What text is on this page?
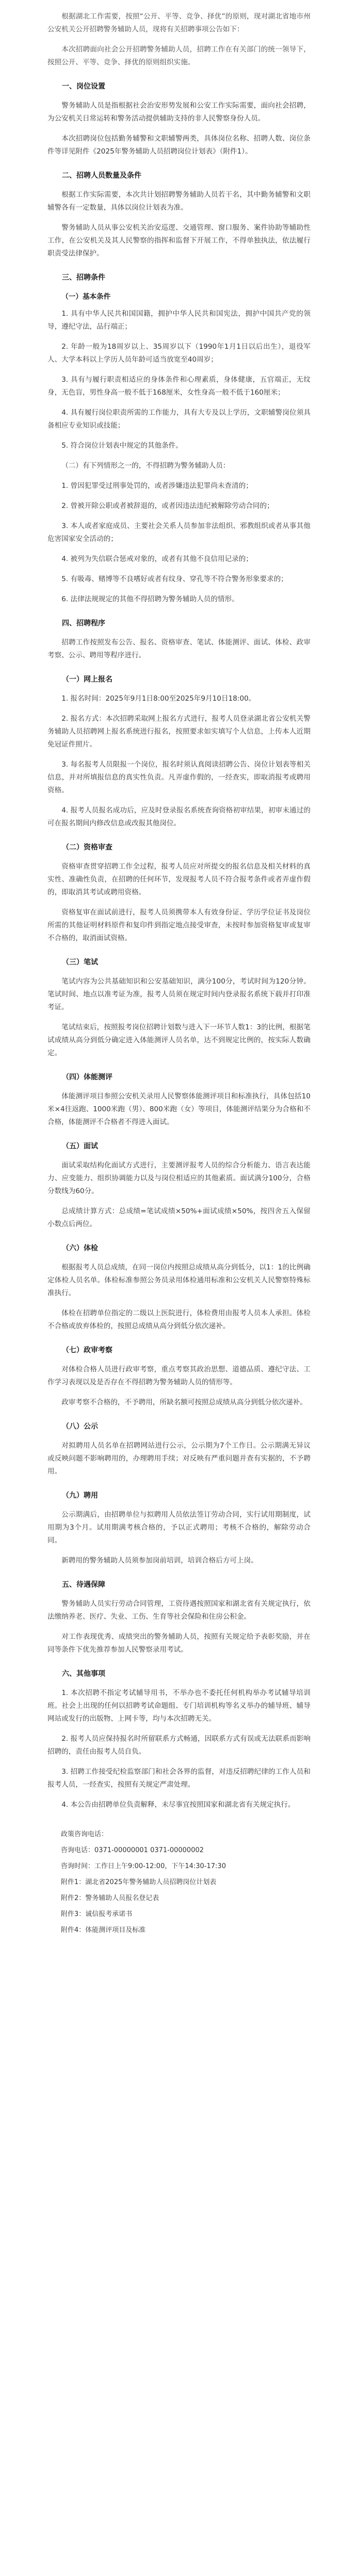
根据湖北工作需要，按照“公开、平等、竞争、择优”的原则，现对湖北省地市州公安机关公开招聘警务辅助人员，现将有关招聘事项公告如下：

本次招聘面向社会公开招聘警务辅助人员，招聘工作在有关部门的统一领导下，按照公开、平等、竞争、择优的原则组织实施。

一、岗位设置

警务辅助人员是指根据社会治安形势发展和公安工作实际需要，面向社会招聘，为公安机关日常运转和警务活动提供辅助支持的非人民警察身份人员。

本次招聘岗位包括勤务辅警和文职辅警两类，具体岗位名称、招聘人数、岗位条件等详见附件《2025年警务辅助人员招聘岗位计划表》（附件1）。

二、招聘人员数量及条件

根据工作实际需要，本次共计划招聘警务辅助人员若干名，其中勤务辅警和文职辅警各有一定数量，具体以岗位计划表为准。

警务辅助人员从事公安机关治安巡逻、交通管理、窗口服务、案件协助等辅助性工作，在公安机关及其人民警察的指挥和监督下开展工作，不得单独执法，依法履行职责受法律保护。

三、招聘条件
（一）基本条件

1. 具有中华人民共和国国籍，拥护中华人民共和国宪法，拥护中国共产党的领导，遵纪守法，品行端正；

2. 年龄一般为18周岁以上、35周岁以下（1990年1月1日以后出生），退役军人、大学本科以上学历人员年龄可适当放宽至40周岁；

3. 具有与履行职责相适应的身体条件和心理素质，身体健康，五官端正，无纹身，无色盲，男性身高一般不低于168厘米，女性身高一般不低于160厘米；

4. 具有履行岗位职责所需的工作能力，具有大专及以上学历，文职辅警岗位须具备相应专业知识或技能；

5. 符合岗位计划表中规定的其他条件。

（二）有下列情形之一的，不得招聘为警务辅助人员：

1. 曾因犯罪受过刑事处罚的，或者涉嫌违法犯罪尚未查清的；

2. 曾被开除公职或者被辞退的，或者因违法违纪被解除劳动合同的；

3. 本人或者家庭成员、主要社会关系人员参加非法组织、邪教组织或者从事其他危害国家安全活动的；

4. 被列为失信联合惩戒对象的，或者有其他不良信用记录的；

5. 有吸毒、赌博等不良嗜好或者有纹身、穿孔等不符合警务形象要求的；

6. 法律法规规定的其他不得招聘为警务辅助人员的情形。

四、招聘程序

招聘工作按照发布公告、报名、资格审查、笔试、体能测评、面试、体检、政审考察、公示、聘用等程序进行。

（一）网上报名

1. 报名时间：2025年9月1日8:00至2025年9月10日18:00。

2. 报名方式：本次招聘采取网上报名方式进行，报考人员登录湖北省公安机关警务辅助人员招聘网上报名系统进行报名，按照要求如实填写个人信息，上传本人近期免冠证件照片。

3. 每名报考人员限报一个岗位，报名时须认真阅读招聘公告、岗位计划表等相关信息，并对所填报信息的真实性负责。凡弄虚作假的，一经查实，即取消报考或聘用资格。

4. 报考人员报名成功后，应及时登录报名系统查询资格初审结果，初审未通过的可在报名期间内修改信息或改报其他岗位。

（二）资格审查

资格审查贯穿招聘工作全过程，报考人员应对所提交的报名信息及相关材料的真实性、准确性负责，在招聘的任何环节，发现报考人员不符合报考条件或者弄虚作假的，即取消其考试或聘用资格。

资格复审在面试前进行，报考人员须携带本人有效身份证、学历学位证书及岗位所需的其他证明材料原件和复印件到指定地点接受审查，未按时参加资格复审或复审不合格的，取消面试资格。

（三）笔试

笔试内容为公共基础知识和公安基础知识，满分100分，考试时间为120分钟。笔试时间、地点以准考证为准，报考人员须在规定时间内登录报名系统下载并打印准考证。

笔试结束后，按照报考岗位招聘计划数与进入下一环节人数1：3的比例，根据笔试成绩从高分到低分确定进入体能测评人员名单，达不到规定比例的，按实际人数确定。

（四）体能测评

体能测评项目参照公安机关录用人民警察体能测评项目和标准执行，具体包括10米×4往返跑、1000米跑（男）、800米跑（女）等项目，体能测评结果分为合格和不合格，体能测评不合格者不得进入面试。

（五）面试

面试采取结构化面试方式进行，主要测评报考人员的综合分析能力、语言表达能力、应变能力、组织协调能力以及与岗位相适应的其他素质。面试满分100分，合格分数线为60分。

总成绩计算方式：总成绩=笔试成绩×50%+面试成绩×50%，按四舍五入保留小数点后两位。

（六）体检

根据报考人员总成绩，在同一岗位内按照总成绩从高分到低分，以1：1的比例确定体检人员名单。体检标准参照公务员录用体检通用标准和公安机关人民警察特殊标准执行。

体检在招聘单位指定的二级以上医院进行，体检费用由报考人员本人承担。体检不合格或放弃体检的，按照总成绩从高分到低分依次递补。

（七）政审考察

对体检合格人员进行政审考察，重点考察其政治思想、道德品质、遵纪守法、工作学习表现以及是否存在不得招聘为警务辅助人员的情形等。

政审考察不合格的，不予聘用，所缺名额可按照总成绩从高分到低分依次递补。

（八）公示

对拟聘用人员名单在招聘网站进行公示，公示期为7个工作日。公示期满无异议或反映问题不影响聘用的，办理聘用手续；对反映有严重问题并查有实据的，不予聘用。

（九）聘用

公示期满后，由招聘单位与拟聘用人员依法签订劳动合同，实行试用期制度，试用期为3个月。试用期满考核合格的，予以正式聘用；考核不合格的，解除劳动合同。

新聘用的警务辅助人员须参加岗前培训，培训合格后方可上岗。

五、待遇保障

警务辅助人员实行劳动合同管理，工资待遇按照国家和湖北省有关规定执行，依法缴纳养老、医疗、失业、工伤、生育等社会保险和住房公积金。

对工作表现优秀、成绩突出的警务辅助人员，按照有关规定给予表彰奖励，并在同等条件下优先推荐参加人民警察录用考试。

六、其他事项

1. 本次招聘不指定考试辅导用书，不举办也不委托任何机构举办考试辅导培训班。社会上出现的任何以招聘考试命题组、专门培训机构等名义举办的辅导班、辅导网站或发行的出版物、上网卡等，均与本次招聘无关。

2. 报考人员应保持报名时所留联系方式畅通，因联系方式有误或无法联系而影响招聘的，责任由报考人员自负。

3. 招聘工作接受纪检监察部门和社会各界的监督，对违反招聘纪律的工作人员和报考人员，一经查实，按照有关规定严肃处理。

4. 本公告由招聘单位负责解释，未尽事宜按照国家和湖北省有关规定执行。

政策咨询电话：

咨询电话：0371-00000001 0371-00000002

咨询时间：工作日上午9:00-12:00，下午14:30-17:30

附件1：湖北省2025年警务辅助人员招聘岗位计划表

附件2：警务辅助人员报名登记表

附件3：诚信报考承诺书

附件4：体能测评项目及标准
